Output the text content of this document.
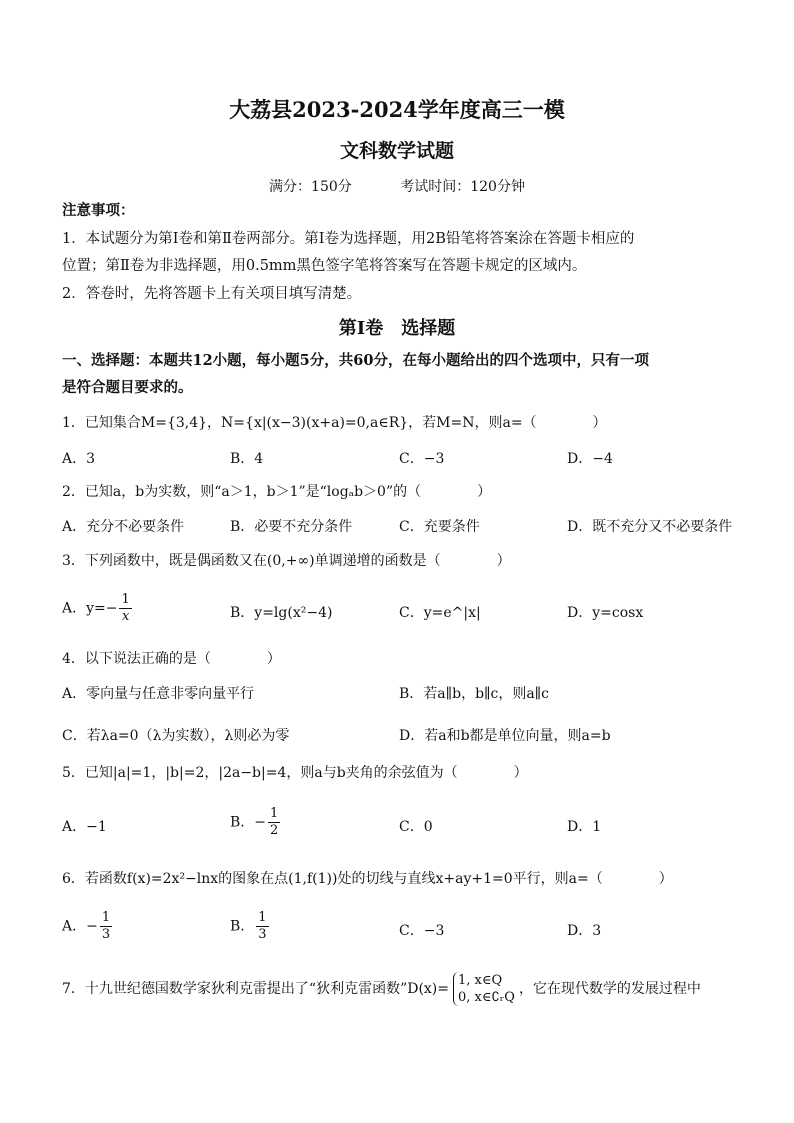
大荔县2023-2024学年度高三一模
文科数学试题
满分：150分	考试时间：120分钟
注意事项：
1．本试题分为第Ⅰ卷和第Ⅱ卷两部分。第Ⅰ卷为选择题，用2B铅笔将答案涂在答题卡相应的
位置；第Ⅱ卷为非选择题，用0.5mm黑色签字笔将答案写在答题卡规定的区域内。
2．答卷时，先将答题卡上有关项目填写清楚。
第Ⅰ卷　选择题
一、选择题：本题共12小题，每小题5分，共60分，在每小题给出的四个选项中，只有一项
是符合题目要求的。
1．已知集合M={3,4}，N={x|(x−3)(x+a)=0,a∈R}，若M=N，则a=（　　　　）
A．3	B．4	C．−3	D．−4
2．已知a，b为实数，则“a＞1，b＞1”是“logₐb＞0”的（　　　　）
A．充分不必要条件	B．必要不充分条件	C．充要条件	D．既不充分又不必要条件
3．下列函数中，既是偶函数又在(0,+∞)单调递增的函数是（　　　　）
A．$y=- \frac{1}{x}$	B．y=lg(x²−4)	C．y=e^|x|	D．y=cosx
4．以下说法正确的是（　　　　）
A．零向量与任意非零向量平行	B．若a∥b，b∥c，则a∥c
C．若λa=0（λ为实数），λ则必为零	D．若a和b都是单位向量，则a=b
5．已知|a|=1，|b|=2，|2a−b|=4，则a与b夹角的余弦值为（　　　　）
A．−1	B．− $\frac{1}{2}$	C．0	D．1
6．若函数f(x)=2x²−lnx的图象在点(1,f(1))处的切线与直线x+ay+1=0平行，则a=（　　　　）
A．− $\frac{1}{3}$	B． $\frac{1}{3}$	C．−3	D．3
7．十九世纪德国数学家狄利克雷提出了“狄利克雷函数”D(x)=
1, x∈Q
0, x∈∁ᵣQ
，它在现代数学的发展过程中
